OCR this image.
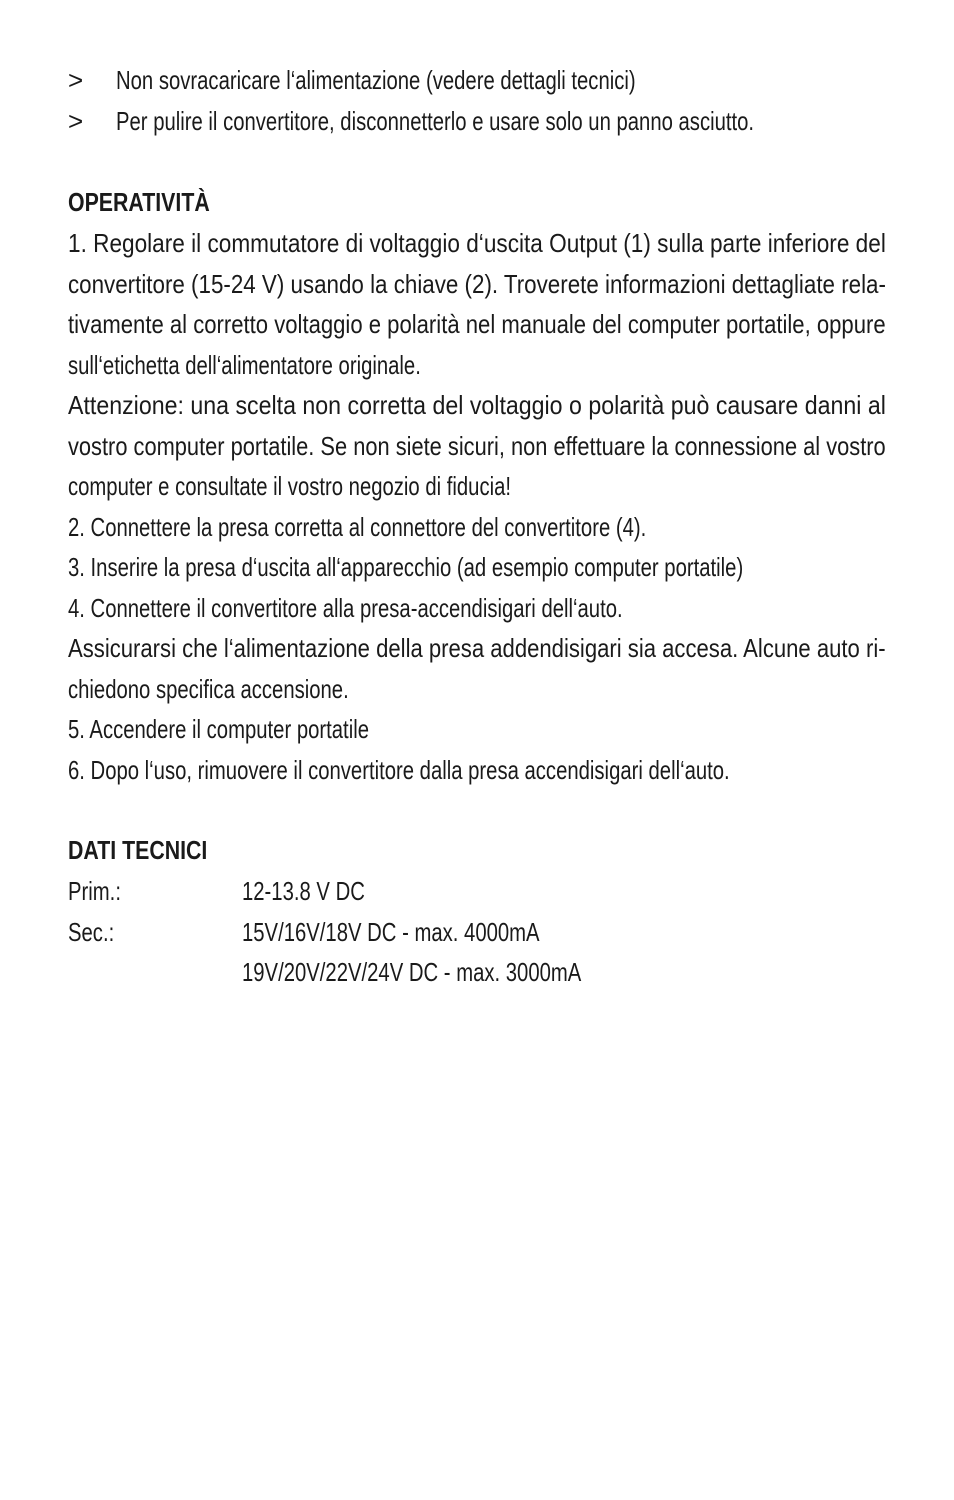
> Non sovracaricare l‘alimentazione (vedere dettagli tecnici)
> Per pulire il convertitore, disconnetterlo e usare solo un panno asciutto.
OPERATIVITÀ
1. Regolare il commutatore di voltaggio d‘uscita Output (1) sulla parte inferiore del
convertitore (15-24 V) usando la chiave (2). Troverete informazioni dettagliate rela-
tivamente al corretto voltaggio e polarità nel manuale del computer portatile, oppure
sull‘etichetta dell‘alimentatore originale.
Attenzione: una scelta non corretta del voltaggio o polarità può causare danni al
vostro computer portatile. Se non siete sicuri, non effettuare la connessione al vostro
computer e consultate il vostro negozio di fiducia!
2. Connettere la presa corretta al connettore del convertitore (4).
3. Inserire la presa d‘uscita all‘apparecchio (ad esempio computer portatile)
4. Connettere il convertitore alla presa-accendisigari dell‘auto.
Assicurarsi che l‘alimentazione della presa addendisigari sia accesa. Alcune auto ri-
chiedono specifica accensione.
5. Accendere il computer portatile
6. Dopo l‘uso, rimuovere il convertitore dalla presa accendisigari dell‘auto.
DATI TECNICI
Prim.:	12-13.8 V DC
Sec.:	15V/16V/18V DC - max. 4000mA
19V/20V/22V/24V DC - max. 3000mA
